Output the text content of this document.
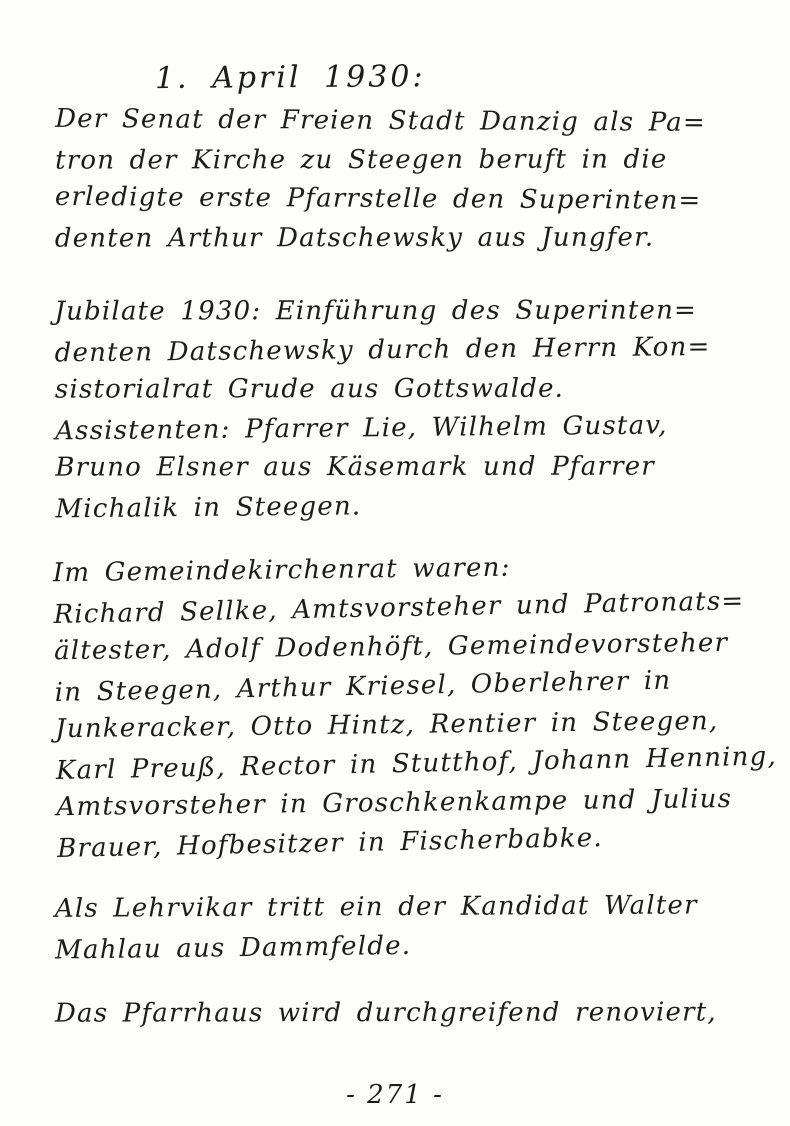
1. April 1930:
Der Senat der Freien Stadt Danzig als Pa=
tron der Kirche zu Steegen beruft in die
erledigte erste Pfarrstelle den Superinten=
denten Arthur Datschewsky aus Jungfer.
Jubilate 1930: Einführung des Superinten=
denten Datschewsky durch den Herrn Kon=
sistorialrat Grude aus Gottswalde.
Assistenten: Pfarrer Lie, Wilhelm Gustav,
Bruno Elsner aus Käsemark und Pfarrer
Michalik in Steegen.
Im Gemeindekirchenrat waren:
Richard Sellke, Amtsvorsteher und Patronats=
ältester, Adolf Dodenhöft, Gemeindevorsteher
in Steegen, Arthur Kriesel, Oberlehrer in
Junkeracker, Otto Hintz, Rentier in Steegen,
Karl Preuß, Rector in Stutthof, Johann Henning,
Amtsvorsteher in Groschkenkampe und Julius
Brauer, Hofbesitzer in Fischerbabke.
Als Lehrvikar tritt ein der Kandidat Walter
Mahlau aus Dammfelde.
Das Pfarrhaus wird durchgreifend renoviert,
- 271 -
